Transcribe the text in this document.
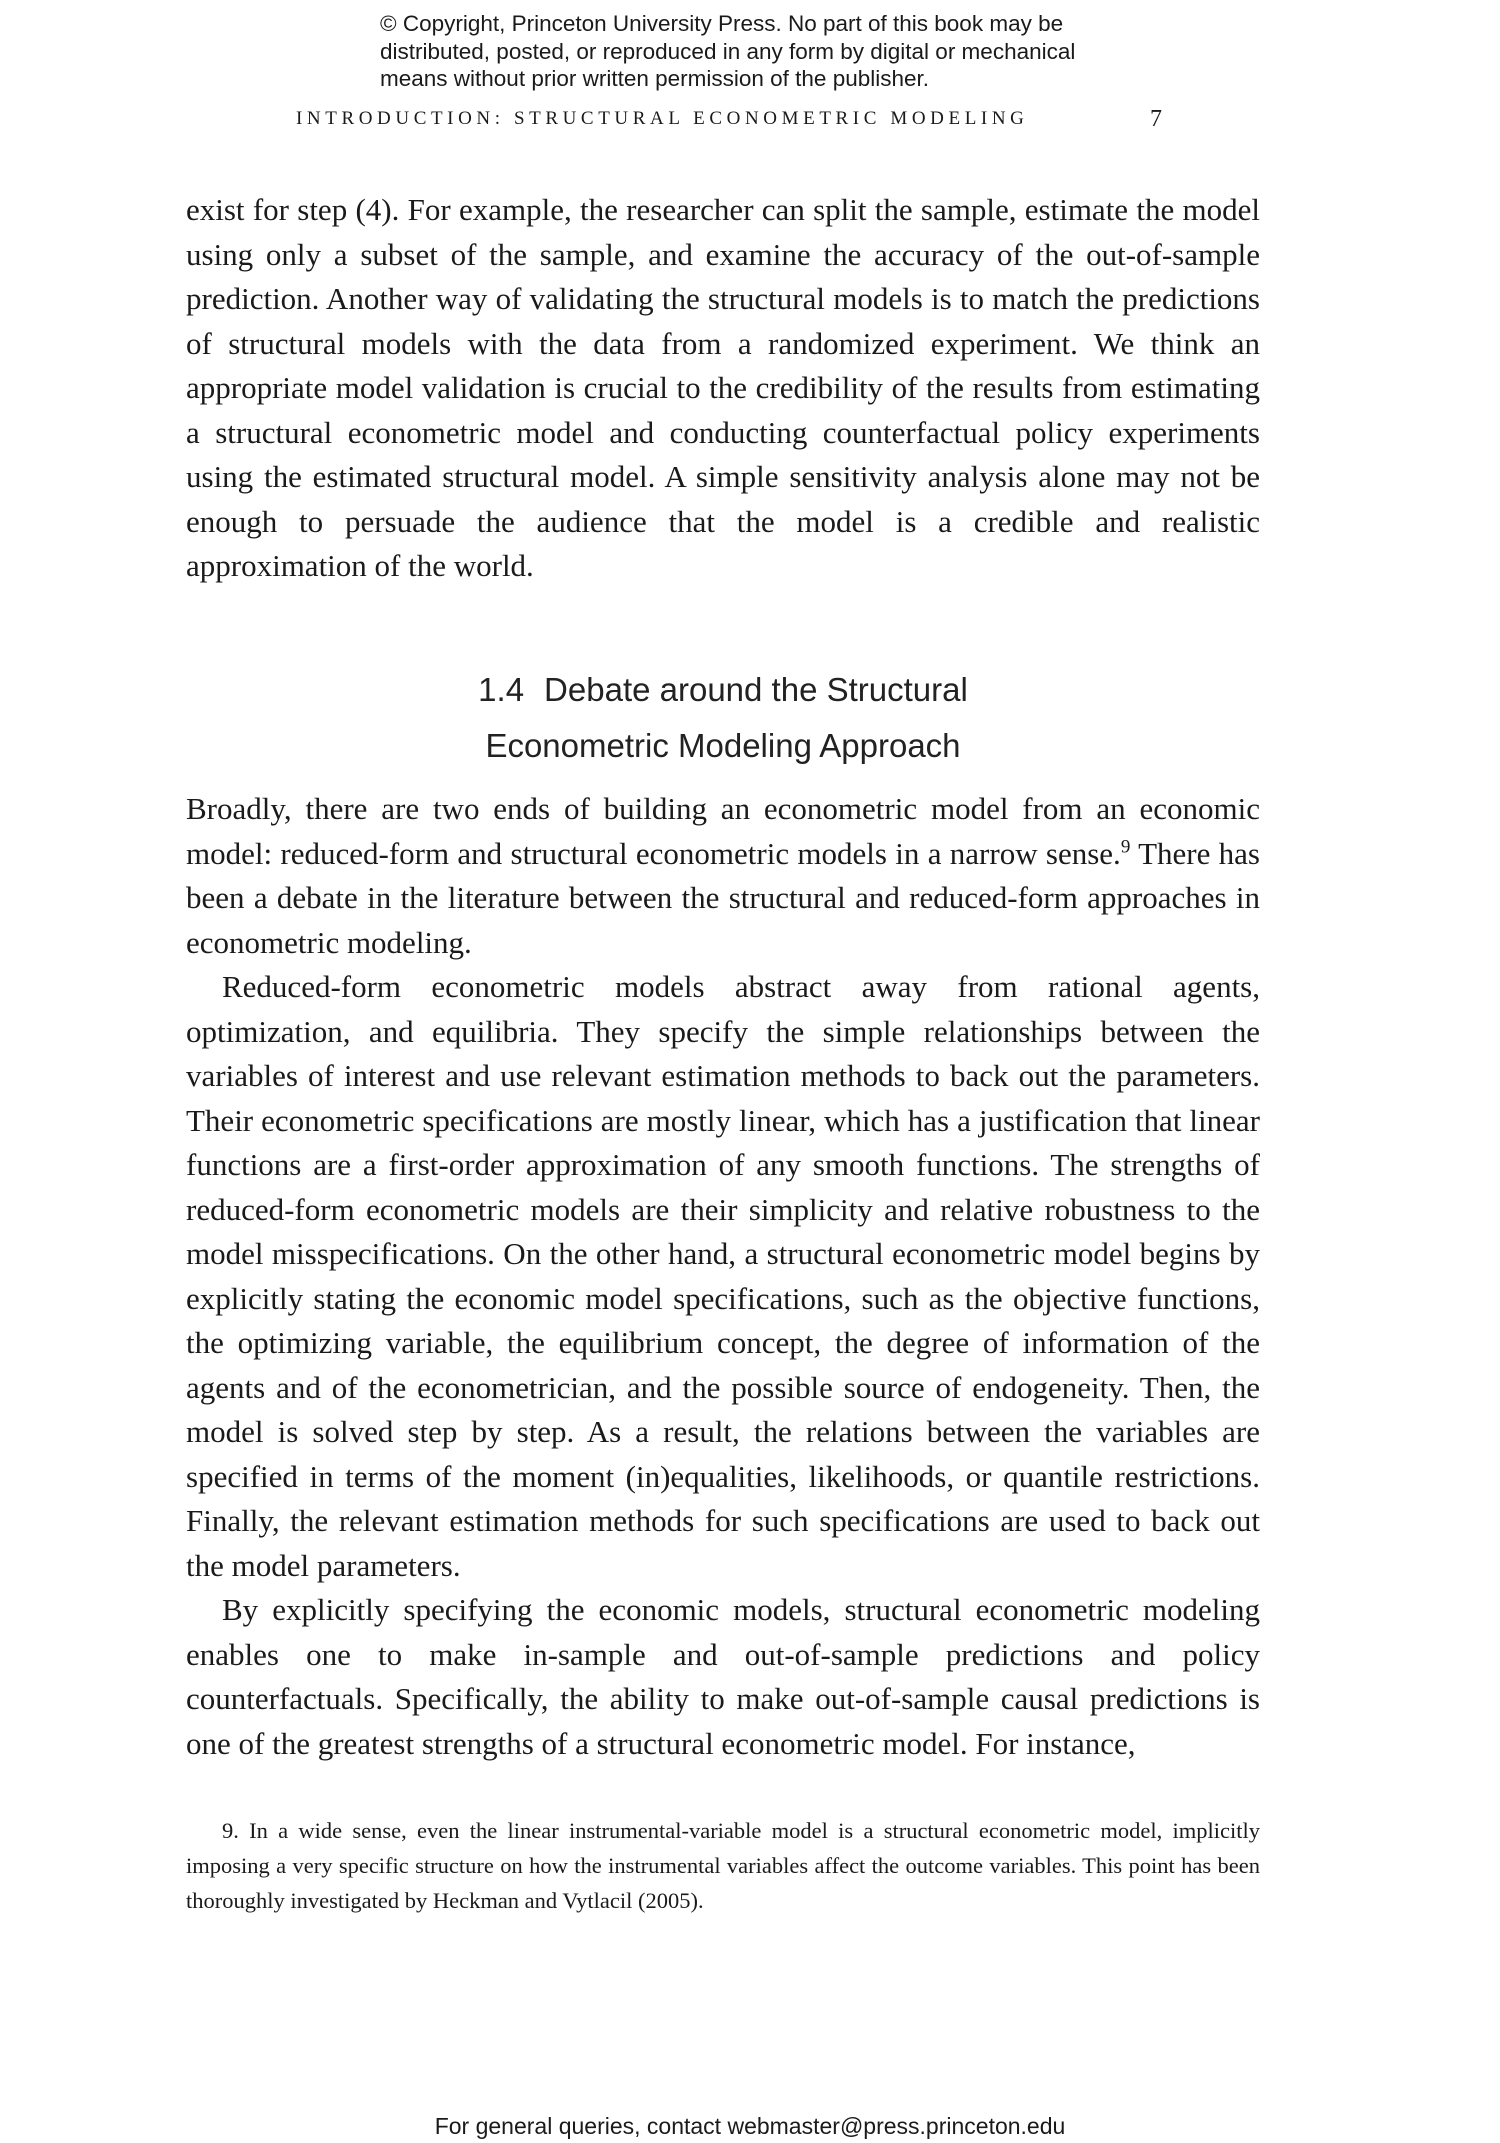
© Copyright, Princeton University Press. No part of this book may be
distributed, posted, or reproduced in any form by digital or mechanical
means without prior written permission of the publisher.
INTRODUCTION: STRUCTURAL ECONOMETRIC MODELING	7

exist for step (4). For example, the researcher can split the sample, estimate the model using only a subset of the sample, and examine the accuracy of the out-of-sample prediction. Another way of validating the structural models is to match the predictions of structural models with the data from a randomized experiment. We think an appropriate model validation is crucial to the credibility of the results from estimating a structural econometric model and conducting counterfactual policy experiments using the estimated structural model. A simple sensitivity analysis alone may not be enough to persuade the audience that the model is a credible and realistic approximation of the world.

1.4 Debate around the Structural
Econometric Modeling Approach

Broadly, there are two ends of building an econometric model from an economic model: reduced-form and structural econometric models in a narrow sense.$^9$ There has been a debate in the literature between the structural and reduced-form approaches in econometric modeling.

Reduced-form econometric models abstract away from rational agents, optimization, and equilibria. They specify the simple relationships between the variables of interest and use relevant estimation methods to back out the parameters. Their econometric specifications are mostly linear, which has a justification that linear functions are a first-order approximation of any smooth functions. The strengths of reduced-form econometric models are their simplicity and relative robustness to the model misspecifications. On the other hand, a structural econometric model begins by explicitly stating the economic model specifications, such as the objective functions, the optimizing variable, the equilibrium concept, the degree of information of the agents and of the econometrician, and the possible source of endogeneity. Then, the model is solved step by step. As a result, the relations between the variables are specified in terms of the moment (in)equalities, likelihoods, or quantile restrictions. Finally, the relevant estimation methods for such specifications are used to back out the model parameters.

By explicitly specifying the economic models, structural econometric modeling enables one to make in-sample and out-of-sample predictions and policy counterfactuals. Specifically, the ability to make out-of-sample causal predictions is one of the greatest strengths of a structural econometric model. For instance,

9. In a wide sense, even the linear instrumental-variable model is a structural econometric model, implicitly imposing a very specific structure on how the instrumental variables affect the outcome variables. This point has been thoroughly investigated by Heckman and Vytlacil (2005).

For general queries, contact webmaster@press.princeton.edu
